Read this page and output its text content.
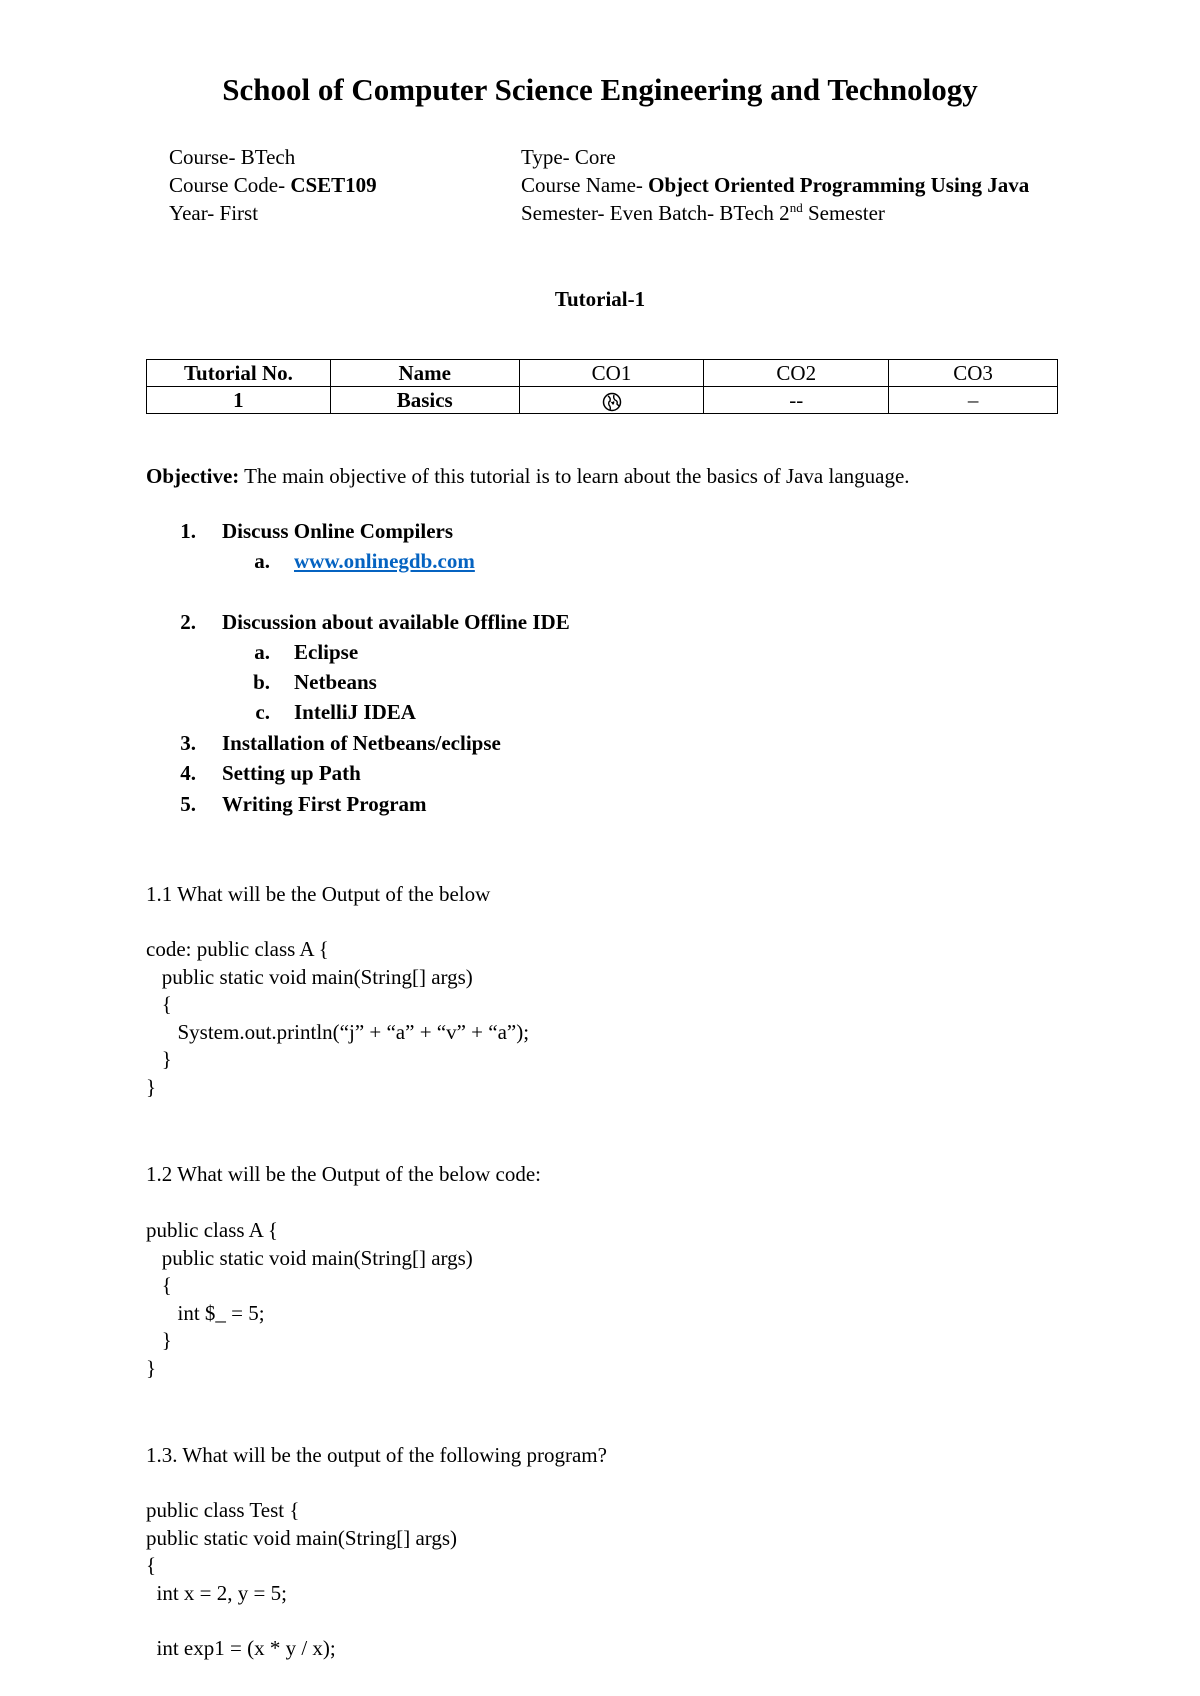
School of Computer Science Engineering and Technology
Course- BTech
Course Code- CSET109
Year- First
Type- Core
Course Name- Object Oriented Programming Using Java
Semester- Even Batch- BTech 2nd Semester
Tutorial-1
Tutorial No.	Name	CO1	CO2	CO3
1	Basics		--	–
Objective: The main objective of this tutorial is to learn about the basics of Java language.
1. Discuss Online Compilers
a. www.onlinegdb.com
2. Discussion about available Offline IDE
a. Eclipse
b. Netbeans
c. IntelliJ IDEA
3. Installation of Netbeans/eclipse
4. Setting up Path
5. Writing First Program
1.1 What will be the Output of the below
code: public class A {
public static void main(String[] args)
{
System.out.println(“j” + “a” + “v” + “a”);
}
}
1.2 What will be the Output of the below code:
public class A {
public static void main(String[] args)
{
int $_ = 5;
}
}
1.3. What will be the output of the following program?
public class Test {
public static void main(String[] args)
{
int x = 2, y = 5;

int exp1 = (x * y / x);
